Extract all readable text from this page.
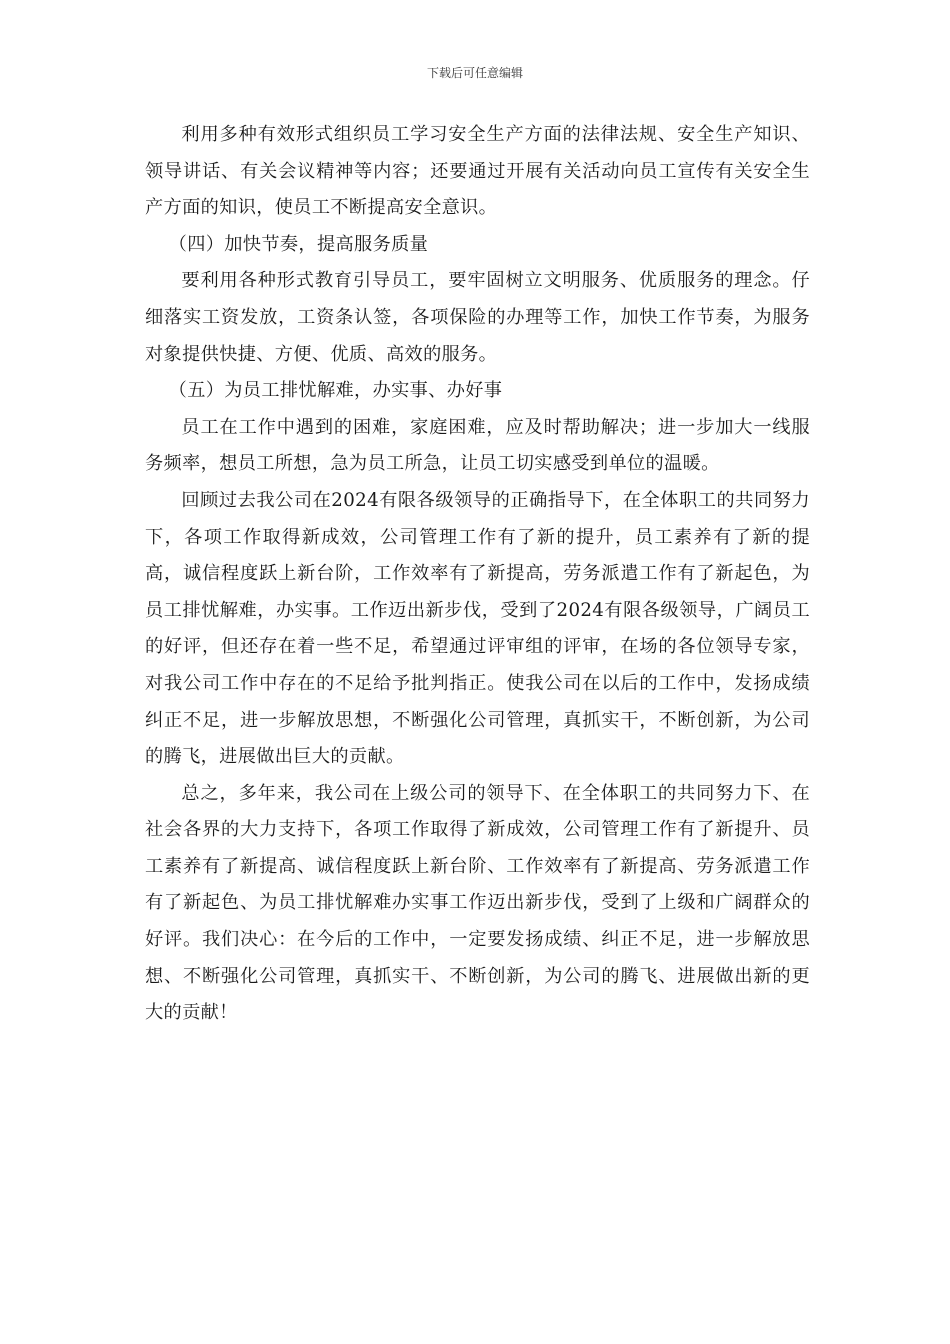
下载后可任意编辑

利用多种有效形式组织员工学习安全生产方面的法律法规、安全生产知识、领导讲话、有关会议精神等内容；还要通过开展有关活动向员工宣传有关安全生产方面的知识，使员工不断提高安全意识。

（四）加快节奏，提高服务质量

要利用各种形式教育引导员工，要牢固树立文明服务、优质服务的理念。仔细落实工资发放，工资条认签，各项保险的办理等工作，加快工作节奏，为服务对象提供快捷、方便、优质、高效的服务。

（五）为员工排忧解难，办实事、办好事

员工在工作中遇到的困难，家庭困难，应及时帮助解决；进一步加大一线服务频率，想员工所想，急为员工所急，让员工切实感受到单位的温暖。

回顾过去我公司在2024有限各级领导的正确指导下，在全体职工的共同努力下，各项工作取得新成效，公司管理工作有了新的提升，员工素养有了新的提高，诚信程度跃上新台阶，工作效率有了新提高，劳务派遣工作有了新起色，为员工排忧解难，办实事。工作迈出新步伐，受到了2024有限各级领导，广阔员工的好评，但还存在着一些不足，希望通过评审组的评审，在场的各位领导专家，对我公司工作中存在的不足给予批判指正。使我公司在以后的工作中，发扬成绩纠正不足，进一步解放思想，不断强化公司管理，真抓实干，不断创新，为公司的腾飞，进展做出巨大的贡献。

总之，多年来，我公司在上级公司的领导下、在全体职工的共同努力下、在社会各界的大力支持下，各项工作取得了新成效，公司管理工作有了新提升、员工素养有了新提高、诚信程度跃上新台阶、工作效率有了新提高、劳务派遣工作有了新起色、为员工排忧解难办实事工作迈出新步伐，受到了上级和广阔群众的好评。我们决心：在今后的工作中，一定要发扬成绩、纠正不足，进一步解放思想、不断强化公司管理，真抓实干、不断创新，为公司的腾飞、进展做出新的更大的贡献！
